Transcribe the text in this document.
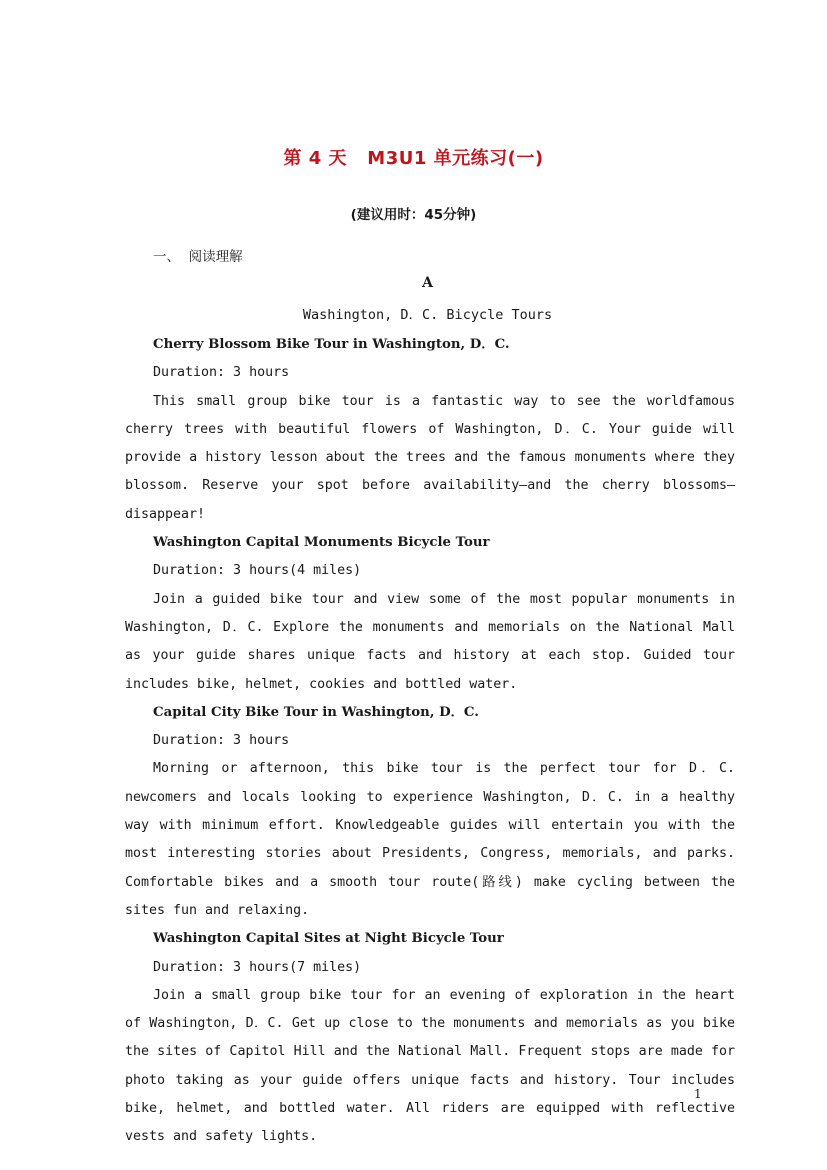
第 4 天   M3U1 单元练习(一)
(建议用时：45分钟)
一、  阅读理解
A
Washington, D．C. Bicycle Tours

Cherry Blossom Bike Tour in Washington, D．C.

Duration: 3 hours

This small group bike tour is a fantastic way to see the worldfamous cherry trees with beautiful flowers of Washington, D．C. Your guide will provide a history lesson about the trees and the famous monuments where they blossom. Reserve your spot before availability—and the cherry blossoms—disappear!

Washington Capital Monuments Bicycle Tour

Duration: 3 hours(4 miles)

Join a guided bike tour and view some of the most popular monuments in Washington, D．C. Explore the monuments and memorials on the National Mall as your guide shares unique facts and history at each stop. Guided tour includes bike, helmet, cookies and bottled water.

Capital City Bike Tour in Washington, D．C.

Duration: 3 hours

Morning or afternoon, this bike tour is the perfect tour for D．C. newcomers and locals looking to experience Washington, D．C. in a healthy way with minimum effort. Knowledgeable guides will entertain you with the most interesting stories about Presidents, Congress, memorials, and parks. Comfortable bikes and a smooth tour route(路线) make cycling between the sites fun and relaxing.

Washington Capital Sites at Night Bicycle Tour

Duration: 3 hours(7 miles)

Join a small group bike tour for an evening of exploration in the heart of Washington, D．C. Get up close to the monuments and memorials as you bike the sites of Capitol Hill and the National Mall. Frequent stops are made for photo taking as your guide offers unique facts and history. Tour includes bike, helmet, and bottled water. All riders are equipped with reflective vests and safety lights.

1
